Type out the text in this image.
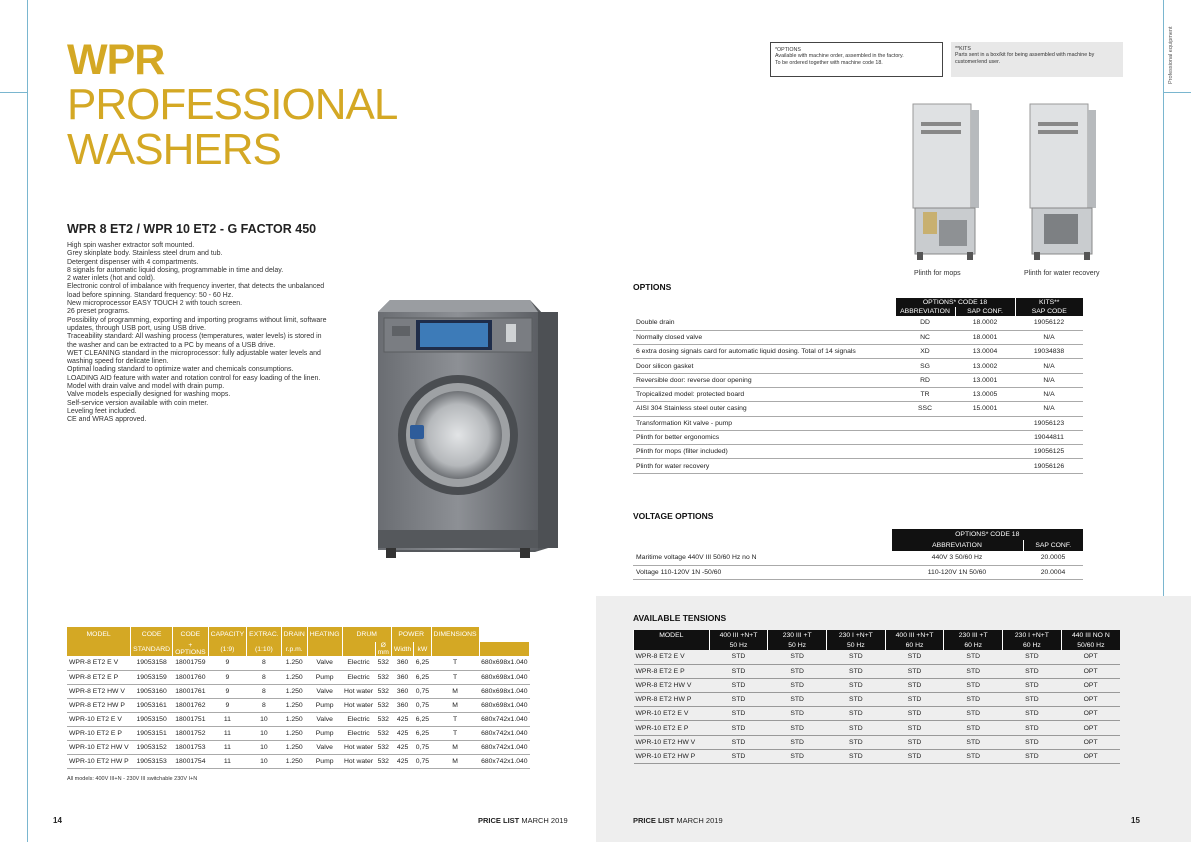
Professional equipment
WPR
PROFESSIONAL
WASHERS
WPR 8 ET2 / WPR 10 ET2 - G FACTOR 450
High spin washer extractor soft mounted.
Grey skinplate body. Stainless steel drum and tub.
Detergent dispenser with 4 compartments.
8 signals for automatic liquid dosing, programmable in time and delay.
2 water inlets (hot and cold).
Electronic control of imbalance with frequency inverter, that detects the unbalanced load before spinning. Standard frequency: 50 - 60 Hz.
New microprocessor EASY TOUCH 2 with touch screen.
26 preset programs.
Possibility of programming, exporting and importing programs without limit, software updates, through USB port, using USB drive.
Traceability standard: All washing process (temperatures, water levels) is stored in the washer and can be extracted to a PC by means of a USB drive.
WET CLEANING standard in the microprocessor: fully adjustable water levels and washing speed for delicate linen.
Optimal loading standard to optimize water and chemicals consumptions.
LOADING AID feature with water and rotation control for easy loading of the linen.
Model with drain valve and model with drain pump.
Valve models especially designed for washing mops.
Self-service version available with coin meter.
Leveling feet included.
CE and WRAS approved.
MODEL	CODE	CODE	CAPACITY	EXTRAC.	DRAIN	HEATING	DRUM		POWER		DIMENSIONS	
	STANDARD	+ OPTIONS	(1:9)	(1:10)	r.p.m.			Ø mm	Width	kW		
WPR-8 ET2 E V	19053158	18001759	9	8	1.250	Valve	Electric	532	360	6,25	T	680x698x1.040
WPR-8 ET2 E P	19053159	18001760	9	8	1.250	Pump	Electric	532	360	6,25	T	680x698x1.040
WPR-8 ET2 HW V	19053160	18001761	9	8	1.250	Valve	Hot water	532	360	0,75	M	680x698x1.040
WPR-8 ET2 HW P	19053161	18001762	9	8	1.250	Pump	Hot water	532	360	0,75	M	680x698x1.040
WPR-10 ET2 E V	19053150	18001751	11	10	1.250	Valve	Electric	532	425	6,25	T	680x742x1.040
WPR-10 ET2 E P	19053151	18001752	11	10	1.250	Pump	Electric	532	425	6,25	T	680x742x1.040
WPR-10 ET2 HW V	19053152	18001753	11	10	1.250	Valve	Hot water	532	425	0,75	M	680x742x1.040
WPR-10 ET2 HW P	19053153	18001754	11	10	1.250	Pump	Hot water	532	425	0,75	M	680x742x1.040
All models: 400V III+N - 230V III switchable 230V I+N
14	PRICE LIST MARCH 2019
*OPTIONS
Available with machine order, assembled in the factory.
To be ordered together with machine code 18.
**KITS
Parts sent in a box/kit for being assembled with machine by
customer/end user.
Plinth for mops	Plinth for water recovery
OPTIONS
	OPTIONS* CODE 18		KITS**
	ABBREVIATION	SAP CONF.	SAP CODE
Double drain	DD	18.0002	19056122
Normally closed valve	NC	18.0001	N/A
6 extra dosing signals card for automatic liquid dosing. Total of 14 signals	XD	13.0004	19034838
Door silicon gasket	SG	13.0002	N/A
Reversible door: reverse door opening	RD	13.0001	N/A
Tropicalized model: protected board	TR	13.0005	N/A
AISI 304 Stainless steel outer casing	SSC	15.0001	N/A
Transformation Kit valve - pump			19056123
Plinth for better ergonomics			19044811
Plinth for mops (filter included)			19056125
Plinth for water recovery			19056126
VOLTAGE OPTIONS
	OPTIONS* CODE 18	
	ABBREVIATION	SAP CONF.
Maritime voltage 440V III 50/60 Hz no N	440V 3 50/60 Hz	20.0005
Voltage 110-120V 1N -50/60	110-120V 1N 50/60	20.0004
AVAILABLE TENSIONS
MODEL	400 III +N+T	230 III +T	230 I +N+T	400 III +N+T	230 III +T	230 I +N+T	440 III NO N
	50 Hz	50 Hz	50 Hz	60 Hz	60 Hz	60 Hz	50/60 Hz
WPR-8 ET2 E V	STD	STD	STD	STD	STD	STD	OPT
WPR-8 ET2 E P	STD	STD	STD	STD	STD	STD	OPT
WPR-8 ET2 HW V	STD	STD	STD	STD	STD	STD	OPT
WPR-8 ET2 HW P	STD	STD	STD	STD	STD	STD	OPT
WPR-10 ET2 E V	STD	STD	STD	STD	STD	STD	OPT
WPR-10 ET2 E P	STD	STD	STD	STD	STD	STD	OPT
WPR-10 ET2 HW V	STD	STD	STD	STD	STD	STD	OPT
WPR-10 ET2 HW P	STD	STD	STD	STD	STD	STD	OPT
PRICE LIST MARCH 2019	15
